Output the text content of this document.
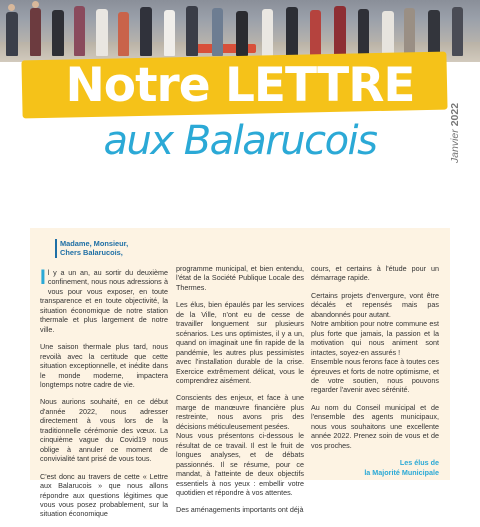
Notre LETTRE
aux Balarucois	Janvier 2022
Madame, Monsieur,
Chers Balarucois,

Il y a un an, au sortir du deuxième confinement, nous nous adressions à vous pour vous exposer, en toute transparence et en toute objectivité, la situation économique de notre station thermale et plus largement de notre ville.

Une saison thermale plus tard, nous revoilà avec la certitude que cette situation exceptionnelle, et inédite dans le monde moderne, impactera longtemps notre cadre de vie.

Nous aurions souhaité, en ce début d'année 2022, nous adresser directement à vous lors de la traditionnelle cérémonie des vœux. La cinquième vague du Covid19 nous oblige à annuler ce moment de convivialité tant prisé de vous tous.

C'est donc au travers de cette « Lettre aux Balarucois » que nous allons répondre aux questions légitimes que vous vous posez probablement, sur la situation économique

programme municipal, et bien entendu, l'état de la Société Publique Locale des Thermes.

Les élus, bien épaulés par les services de la Ville, n'ont eu de cesse de travailler longuement sur plusieurs scénarios. Les uns optimistes, il y a un, quand on imaginait une fin rapide de la pandémie, les autres plus pessimistes avec l'installation durable de la crise. Exercice extrêmement délicat, vous le comprendrez aisément.

Conscients des enjeux, et face à une marge de manœuvre financière plus restreinte, nous avons pris des décisions méticuleusement pesées.

Nous vous présentons ci-dessous le résultat de ce travail. Il est le fruit de longues analyses, et de débats passionnés. Il se résume, pour ce mandat, à l'atteinte de deux objectifs essentiels à nos yeux : embellir votre quotidien et répondre à vos attentes.

Des aménagements importants ont déjà

cours, et certains à l'étude pour un démarrage rapide.

Certains projets d'envergure, vont être décalés et repensés mais pas abandonnés pour autant.

Notre ambition pour notre commune est plus forte que jamais, la passion et la motivation qui nous animent sont intactes, soyez-en assurés !

Ensemble nous ferons face à toutes ces épreuves et forts de notre optimisme, et de votre soutien, nous pouvons regarder l'avenir avec sérénité.

Au nom du Conseil municipal et de l'ensemble des agents municipaux, nous vous souhaitons une excellente année 2022. Prenez soin de vous et de vos proches.

Les élus de
la Majorité Municipale
